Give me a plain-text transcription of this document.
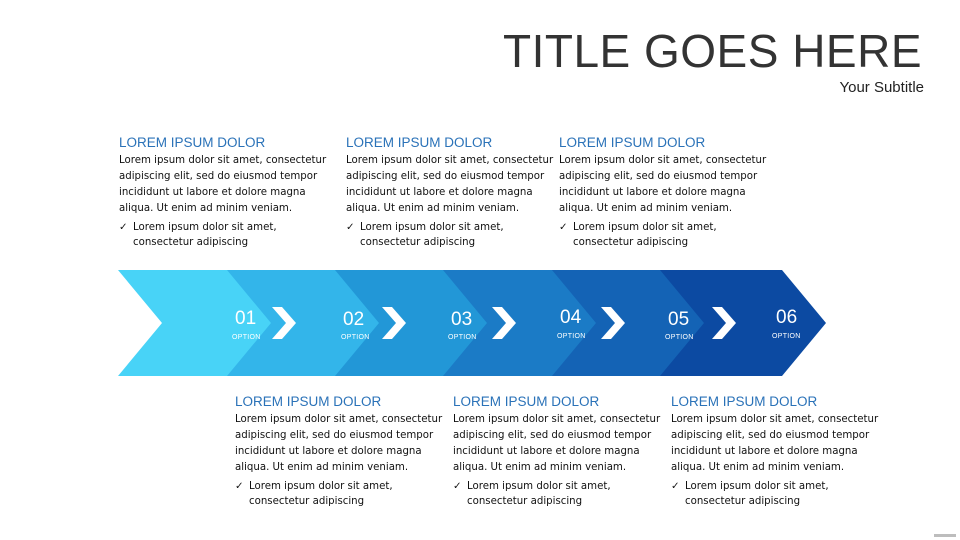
TITLE GOES HERE
Your Subtitle
LOREM IPSUM DOLOR
Lorem ipsum dolor sit amet, consectetur adipiscing elit, sed do eiusmod tempor incididunt ut labore et dolore magna aliqua. Ut enim ad minim veniam.
✓ Lorem ipsum dolor sit amet, consectetur adipiscing
LOREM IPSUM DOLOR
Lorem ipsum dolor sit amet, consectetur adipiscing elit, sed do eiusmod tempor incididunt ut labore et dolore magna aliqua. Ut enim ad minim veniam.
✓ Lorem ipsum dolor sit amet, consectetur adipiscing
LOREM IPSUM DOLOR
Lorem ipsum dolor sit amet, consectetur adipiscing elit, sed do eiusmod tempor incididunt ut labore et dolore magna aliqua. Ut enim ad minim veniam.
✓ Lorem ipsum dolor sit amet, consectetur adipiscing
01
OPTION
02
OPTION
03
OPTION
04
OPTION
05
OPTION
06
OPTION
LOREM IPSUM DOLOR
Lorem ipsum dolor sit amet, consectetur adipiscing elit, sed do eiusmod tempor incididunt ut labore et dolore magna aliqua. Ut enim ad minim veniam.
✓ Lorem ipsum dolor sit amet, consectetur adipiscing
LOREM IPSUM DOLOR
Lorem ipsum dolor sit amet, consectetur adipiscing elit, sed do eiusmod tempor incididunt ut labore et dolore magna aliqua. Ut enim ad minim veniam.
✓ Lorem ipsum dolor sit amet, consectetur adipiscing
LOREM IPSUM DOLOR
Lorem ipsum dolor sit amet, consectetur adipiscing elit, sed do eiusmod tempor incididunt ut labore et dolore magna aliqua. Ut enim ad minim veniam.
✓ Lorem ipsum dolor sit amet, consectetur adipiscing
